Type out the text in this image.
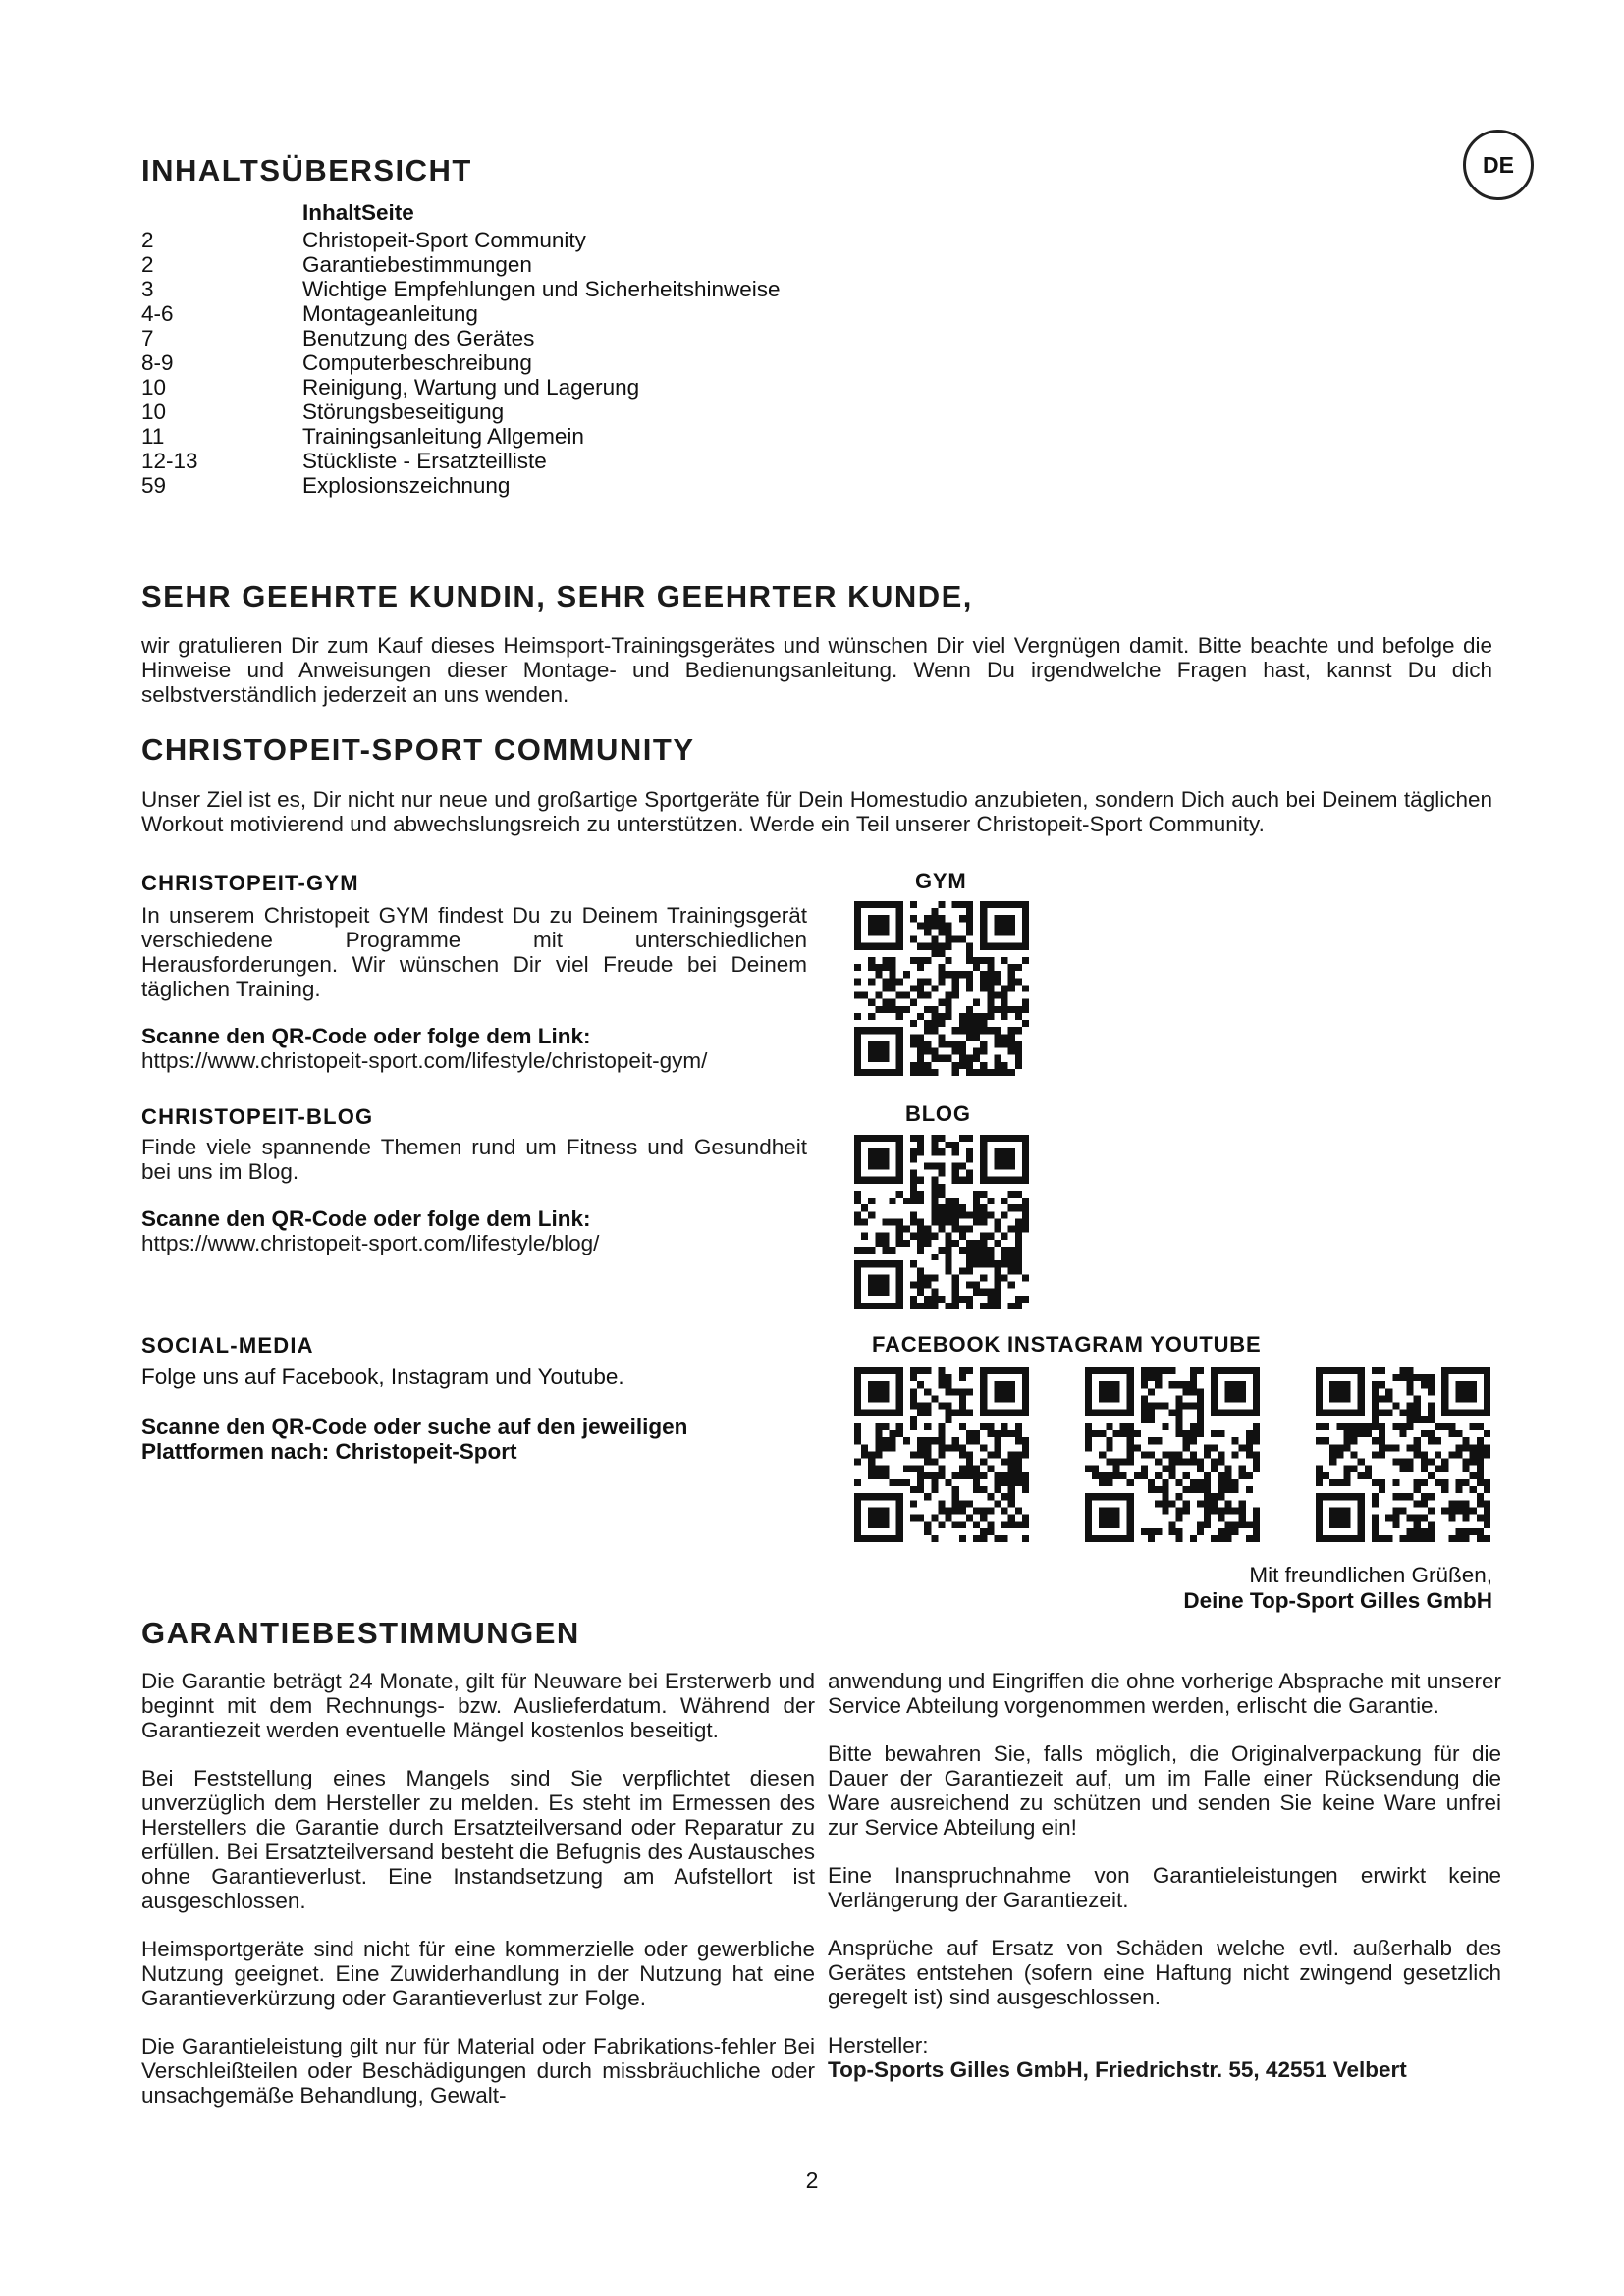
DE
INHALTSÜBERSICHT
InhaltSeite
2	Christopeit-Sport Community
2	Garantiebestimmungen
3	Wichtige Empfehlungen und Sicherheitshinweise
4-6	Montageanleitung
7	Benutzung des Gerätes
8-9	Computerbeschreibung
10	Reinigung, Wartung und Lagerung
10	Störungsbeseitigung
11	Trainingsanleitung Allgemein
12-13	Stückliste - Ersatzteilliste
59	Explosionszeichnung
SEHR GEEHRTE KUNDIN, SEHR GEEHRTER KUNDE,

wir gratulieren Dir zum Kauf dieses Heimsport-Trainingsgerätes und wünschen Dir viel Vergnügen damit. Bitte beachte und befolge die Hinweise und Anweisungen dieser Montage- und Bedienungsanleitung. Wenn Du irgendwelche Fragen hast, kannst Du dich selbstverständlich jederzeit an uns wenden.

CHRISTOPEIT-SPORT COMMUNITY

Unser Ziel ist es, Dir nicht nur neue und großartige Sportgeräte für Dein Homestudio anzubieten, sondern Dich auch bei Deinem täglichen Workout motivierend und abwechslungsreich zu unterstützen. Werde ein Teil unserer Christopeit-Sport Community.

CHRISTOPEIT-GYM

In unserem Christopeit GYM findest Du zu Deinem Trainingsgerät verschiedene Programme mit unterschiedlichen Herausforderungen. Wir wünschen Dir viel Freude bei Deinem täglichen Training.

Scanne den QR-Code oder folge dem Link:
https://www.christopeit-sport.com/lifestyle/christopeit-gym/
GYM
CHRISTOPEIT-BLOG

Finde viele spannende Themen rund um Fitness und Gesundheit bei uns im Blog.

Scanne den QR-Code oder folge dem Link:
https://www.christopeit-sport.com/lifestyle/blog/
BLOG
SOCIAL-MEDIA
Folge uns auf Facebook, Instagram und Youtube.
Scanne den QR-Code oder suche auf den jeweiligen
Plattformen nach: Christopeit-Sport
FACEBOOK INSTAGRAM YOUTUBE
Mit freundlichen Grüßen,
Deine Top-Sport Gilles GmbH
GARANTIEBESTIMMUNGEN

Die Garantie beträgt 24 Monate, gilt für Neuware bei Ersterwerb und beginnt mit dem Rechnungs- bzw. Auslieferdatum. Während der Garantiezeit werden eventuelle Mängel kostenlos beseitigt.

Bei Feststellung eines Mangels sind Sie verpflichtet diesen unverzüglich dem Hersteller zu melden. Es steht im Ermessen des Herstellers die Garantie durch Ersatzteilversand oder Reparatur zu erfüllen. Bei Ersatzteilversand besteht die Befugnis des Austausches ohne Garantieverlust. Eine Instandsetzung am Aufstellort ist ausgeschlossen.

Heimsportgeräte sind nicht für eine kommerzielle oder gewerbliche Nutzung geeignet. Eine Zuwiderhandlung in der Nutzung hat eine Garantieverkürzung oder Garantieverlust zur Folge.

Die Garantieleistung gilt nur für Material oder Fabrikations-fehler Bei Verschleißteilen oder Beschädigungen durch missbräuchliche oder unsachgemäße Behandlung, Gewalt-

anwendung und Eingriffen die ohne vorherige Absprache mit unserer Service Abteilung vorgenommen werden, erlischt die Garantie.

Bitte bewahren Sie, falls möglich, die Originalverpackung für die Dauer der Garantiezeit auf, um im Falle einer Rücksendung die Ware ausreichend zu schützen und senden Sie keine Ware unfrei zur Service Abteilung ein!

Eine Inanspruchnahme von Garantieleistungen erwirkt keine Verlängerung der Garantiezeit.

Ansprüche auf Ersatz von Schäden welche evtl. außerhalb des Gerätes entstehen (sofern eine Haftung nicht zwingend gesetzlich geregelt ist) sind ausgeschlossen.

Hersteller:

Top-Sports Gilles GmbH, Friedrichstr. 55, 42551 Velbert

2
